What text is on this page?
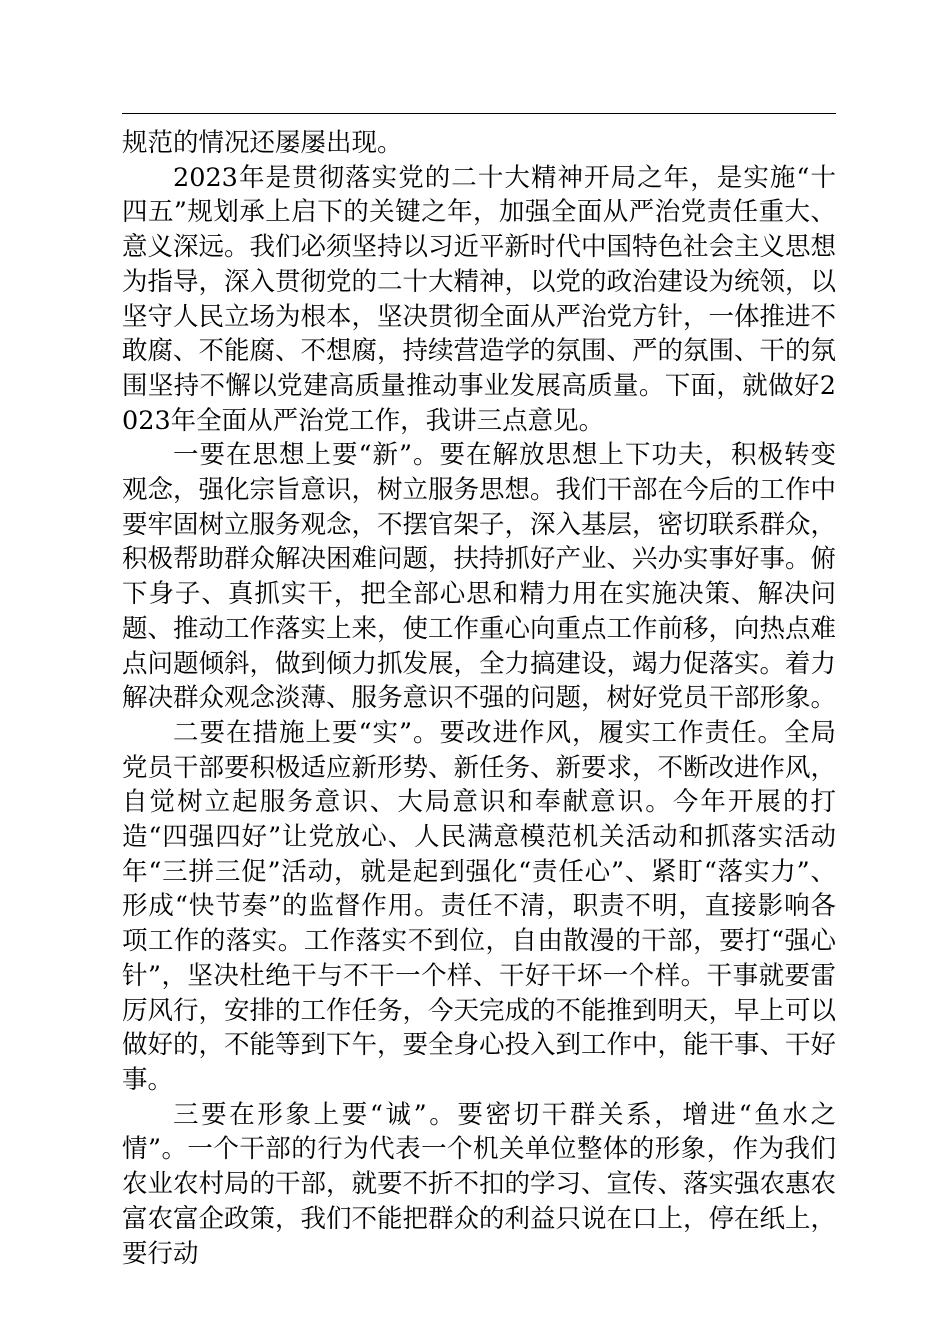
规范的情况还屡屡出现。

2023年是贯彻落实党的二十大精神开局之年，是实施“十四五”规划承上启下的关键之年，加强全面从严治党责任重大、意义深远。我们必须坚持以习近平新时代中国特色社会主义思想为指导，深入贯彻党的二十大精神，以党的政治建设为统领，以坚守人民立场为根本，坚决贯彻全面从严治党方针，一体推进不敢腐、不能腐、不想腐，持续营造学的氛围、严的氛围、干的氛围坚持不懈以党建高质量推动事业发展高质量。下面，就做好2023年全面从严治党工作，我讲三点意见。

一要在思想上要“新”。要在解放思想上下功夫，积极转变观念，强化宗旨意识，树立服务思想。我们干部在今后的工作中要牢固树立服务观念，不摆官架子，深入基层，密切联系群众，积极帮助群众解决困难问题，扶持抓好产业、兴办实事好事。俯下身子、真抓实干，把全部心思和精力用在实施决策、解决问题、推动工作落实上来，使工作重心向重点工作前移，向热点难点问题倾斜，做到倾力抓发展，全力搞建设，竭力促落实。着力解决群众观念淡薄、服务意识不强的问题，树好党员干部形象。

二要在措施上要“实”。要改进作风，履实工作责任。全局党员干部要积极适应新形势、新任务、新要求，不断改进作风，自觉树立起服务意识、大局意识和奉献意识。今年开展的打造“四强四好”让党放心、人民满意模范机关活动和抓落实活动年“三拼三促”活动，就是起到强化“责任心”、紧盯“落实力”、形成“快节奏”的监督作用。责任不清，职责不明，直接影响各项工作的落实。工作落实不到位，自由散漫的干部，要打“强心针”，坚决杜绝干与不干一个样、干好干坏一个样。干事就要雷厉风行，安排的工作任务，今天完成的不能推到明天，早上可以做好的，不能等到下午，要全身心投入到工作中，能干事、干好事。

三要在形象上要“诚”。要密切干群关系，增进“鱼水之情”。一个干部的行为代表一个机关单位整体的形象，作为我们农业农村局的干部，就要不折不扣的学习、宣传、落实强农惠农富农富企政策，我们不能把群众的利益只说在口上，停在纸上，要行动
